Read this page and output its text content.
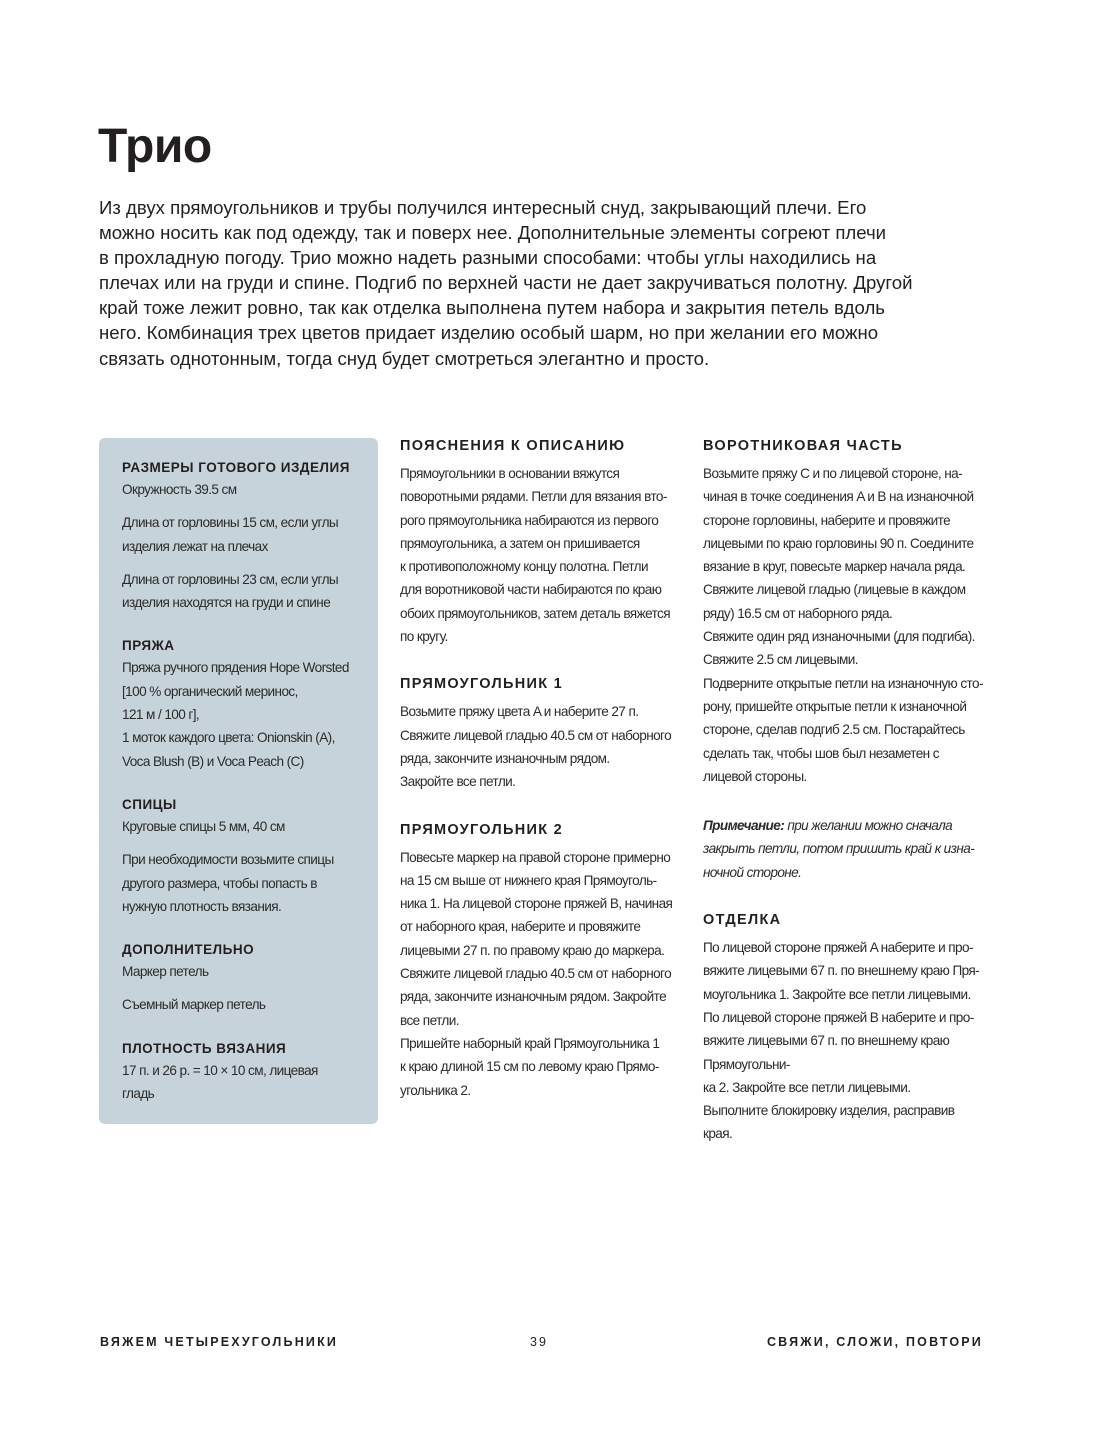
Трио

Из двух прямоугольников и трубы получился интересный снуд, закрывающий плечи. Его
можно носить как под одежду, так и поверх нее. Дополнительные элементы согреют плечи
в прохладную погоду. Трио можно надеть разными способами: чтобы углы находились на
плечах или на груди и спине. Подгиб по верхней части не дает закручиваться полотну. Другой
край тоже лежит ровно, так как отделка выполнена путем набора и закрытия петель вдоль
него. Комбинация трех цветов придает изделию особый шарм, но при желании его можно
связать однотонным, тогда снуд будет смотреться элегантно и просто.

РАЗМЕРЫ ГОТОВОГО ИЗДЕЛИЯ

Окружность 39.5 см

Длина от горловины 15 см, если углы
изделия лежат на плечах

Длина от горловины 23 см, если углы
изделия находятся на груди и спине

ПРЯЖА

Пряжа ручного прядения Hope Worsted
[100 % органический меринос,
121 м / 100 г],
1 моток каждого цвета: Onionskin (A),
Voca Blush (B) и Voca Peach (C)

СПИЦЫ

Круговые спицы 5 мм, 40 см

При необходимости возьмите спицы
другого размера, чтобы попасть в
нужную плотность вязания.

ДОПОЛНИТЕЛЬНО

Маркер петель

Съемный маркер петель

ПЛОТНОСТЬ ВЯЗАНИЯ

17 п. и 26 р. = 10 × 10 см, лицевая
гладь

ПОЯСНЕНИЯ К ОПИСАНИЮ

Прямоугольники в основании вяжутся
поворотными рядами. Петли для вязания вто-
рого прямоугольника набираются из первого
прямоугольника, а затем он пришивается
к противоположному концу полотна. Петли
для воротниковой части набираются по краю
обоих прямоугольников, затем деталь вяжется
по кругу.

ПРЯМОУГОЛЬНИК 1

Возьмите пряжу цвета A и наберите 27 п.
Свяжите лицевой гладью 40.5 см от наборного
ряда, закончите изнаночным рядом.
Закройте все петли.

ПРЯМОУГОЛЬНИК 2

Повесьте маркер на правой стороне примерно
на 15 см выше от нижнего края Прямоуголь-
ника 1. На лицевой стороне пряжей B, начиная
от наборного края, наберите и провяжите
лицевыми 27 п. по правому краю до маркера.
Свяжите лицевой гладью 40.5 см от наборного
ряда, закончите изнаночным рядом. Закройте
все петли.
Пришейте наборный край Прямоугольника 1
к краю длиной 15 см по левому краю Прямо-
угольника 2.

ВОРОТНИКОВАЯ ЧАСТЬ

Возьмите пряжу C и по лицевой стороне, на-
чиная в точке соединения A и B на изнаночной
стороне горловины, наберите и провяжите
лицевыми по краю горловины 90 п. Соедините
вязание в круг, повесьте маркер начала ряда.
Свяжите лицевой гладью (лицевые в каждом
ряду) 16.5 см от наборного ряда.
Свяжите один ряд изнаночными (для подгиба).
Свяжите 2.5 см лицевыми.
Подверните открытые петли на изнаночную сто-
рону, пришейте открытые петли к изнаночной
стороне, сделав подгиб 2.5 см. Постарайтесь
сделать так, чтобы шов был незаметен с
лицевой стороны.

Примечание: при желании можно сначала
закрыть петли, потом пришить край к изна-
ночной стороне.

ОТДЕЛКА

По лицевой стороне пряжей A наберите и про-
вяжите лицевыми 67 п. по внешнему краю Пря-
моугольника 1. Закройте все петли лицевыми.
По лицевой стороне пряжей B наберите и про-
вяжите лицевыми 67 п. по внешнему краю Прямоугольни-
ка 2. Закройте все петли лицевыми.
Выполните блокировку изделия, расправив
края.

ВЯЖЕМ ЧЕТЫРЕХУГОЛЬНИКИ	39	СВЯЖИ, СЛОЖИ, ПОВТОРИ
